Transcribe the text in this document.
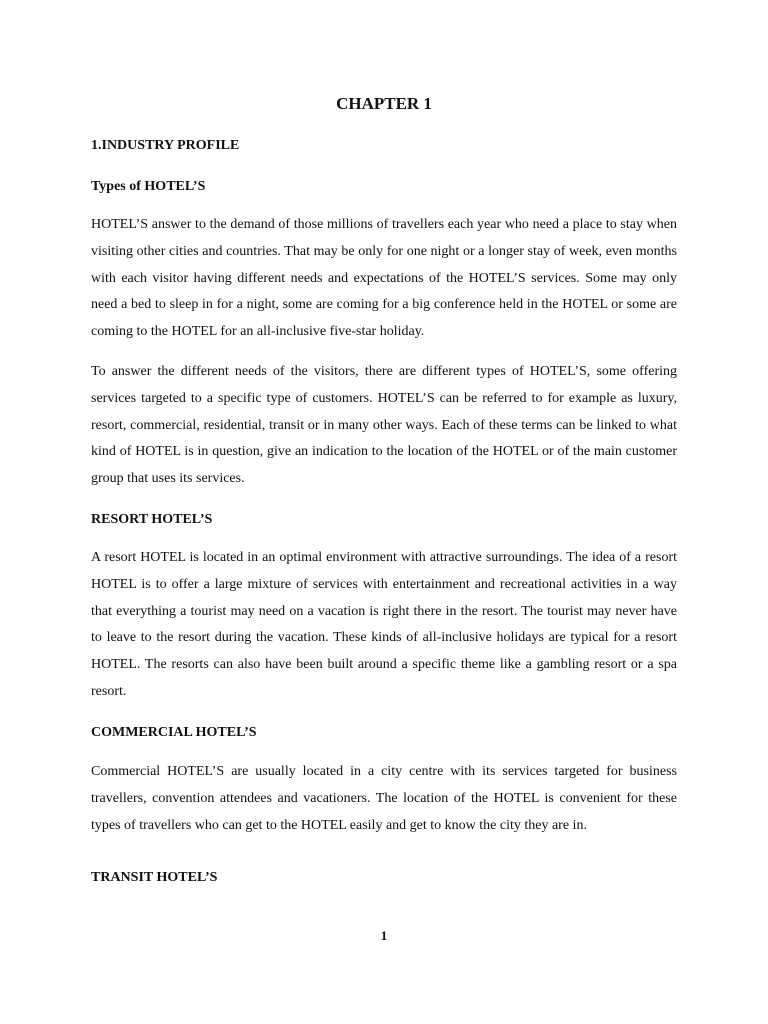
CHAPTER 1
1.INDUSTRY PROFILE
Types of HOTEL’S

HOTEL’S answer to the demand of those millions of travellers each year who need a place to stay when visiting other cities and countries. That may be only for one night or a longer stay of week, even months with each visitor having different needs and expectations of the HOTEL’S services. Some may only need a bed to sleep in for a night, some are coming for a big conference held in the HOTEL or some are coming to the HOTEL for an all-inclusive five-star holiday.

To answer the different needs of the visitors, there are different types of HOTEL’S, some offering services targeted to a specific type of customers. HOTEL’S can be referred to for example as luxury, resort, commercial, residential, transit or in many other ways. Each of these terms can be linked to what kind of HOTEL is in question, give an indication to the location of the HOTEL or of the main customer group that uses its services.

RESORT HOTEL’S

A resort HOTEL is located in an optimal environment with attractive surroundings. The idea of a resort HOTEL is to offer a large mixture of services with entertainment and recreational activities in a way that everything a tourist may need on a vacation is right there in the resort. The tourist may never have to leave to the resort during the vacation. These kinds of all-inclusive holidays are typical for a resort HOTEL. The resorts can also have been built around a specific theme like a gambling resort or a spa resort.

COMMERCIAL HOTEL’S

Commercial HOTEL’S are usually located in a city centre with its services targeted for business travellers, convention attendees and vacationers. The location of the HOTEL is convenient for these types of travellers who can get to the HOTEL easily and get to know the city they are in.

TRANSIT HOTEL’S
1
